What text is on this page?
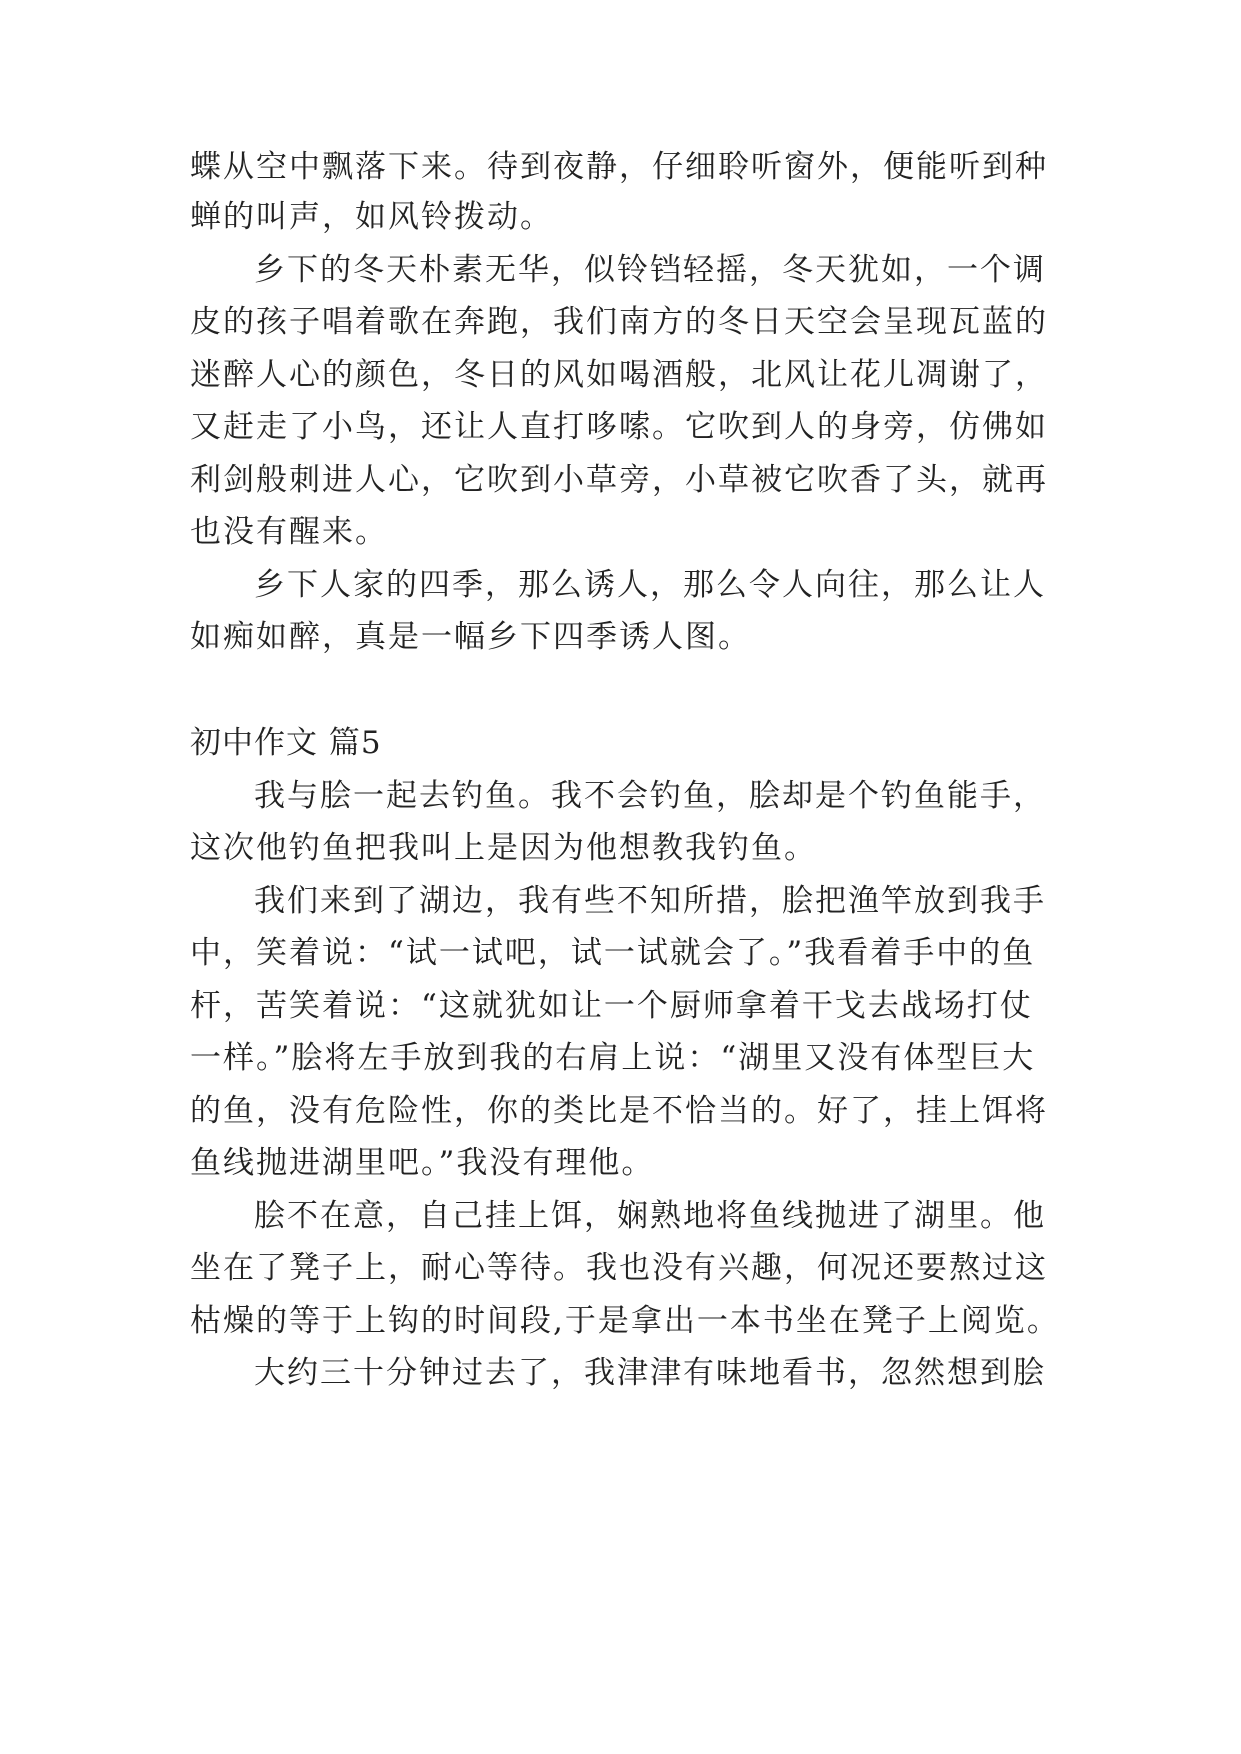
蝶从空中飘落下来。待到夜静，仔细聆听窗外，便能听到种
蝉的叫声，如风铃拨动。
乡下的冬天朴素无华，似铃铛轻摇，冬天犹如，一个调
皮的孩子唱着歌在奔跑，我们南方的冬日天空会呈现瓦蓝的
迷醉人心的颜色，冬日的风如喝酒般，北风让花儿凋谢了，
又赶走了小鸟，还让人直打哆嗦。它吹到人的身旁，仿佛如
利剑般刺进人心，它吹到小草旁，小草被它吹香了头，就再
也没有醒来。
乡下人家的四季，那么诱人，那么令人向往，那么让人
如痴如醉，真是一幅乡下四季诱人图。
初中作文 篇5
我与脍一起去钓鱼。我不会钓鱼，脍却是个钓鱼能手，
这次他钓鱼把我叫上是因为他想教我钓鱼。
我们来到了湖边，我有些不知所措，脍把渔竿放到我手
中，笑着说：“试一试吧，试一试就会了。”我看着手中的鱼
杆，苦笑着说：“这就犹如让一个厨师拿着干戈去战场打仗
一样。”脍将左手放到我的右肩上说：“湖里又没有体型巨大
的鱼，没有危险性，你的类比是不恰当的。好了，挂上饵将
鱼线抛进湖里吧。”我没有理他。
脍不在意，自己挂上饵，娴熟地将鱼线抛进了湖里。他
坐在了凳子上，耐心等待。我也没有兴趣，何况还要熬过这
枯燥的等于上钩的时间段,于是拿出一本书坐在凳子上阅览。
大约三十分钟过去了，我津津有味地看书，忽然想到脍
